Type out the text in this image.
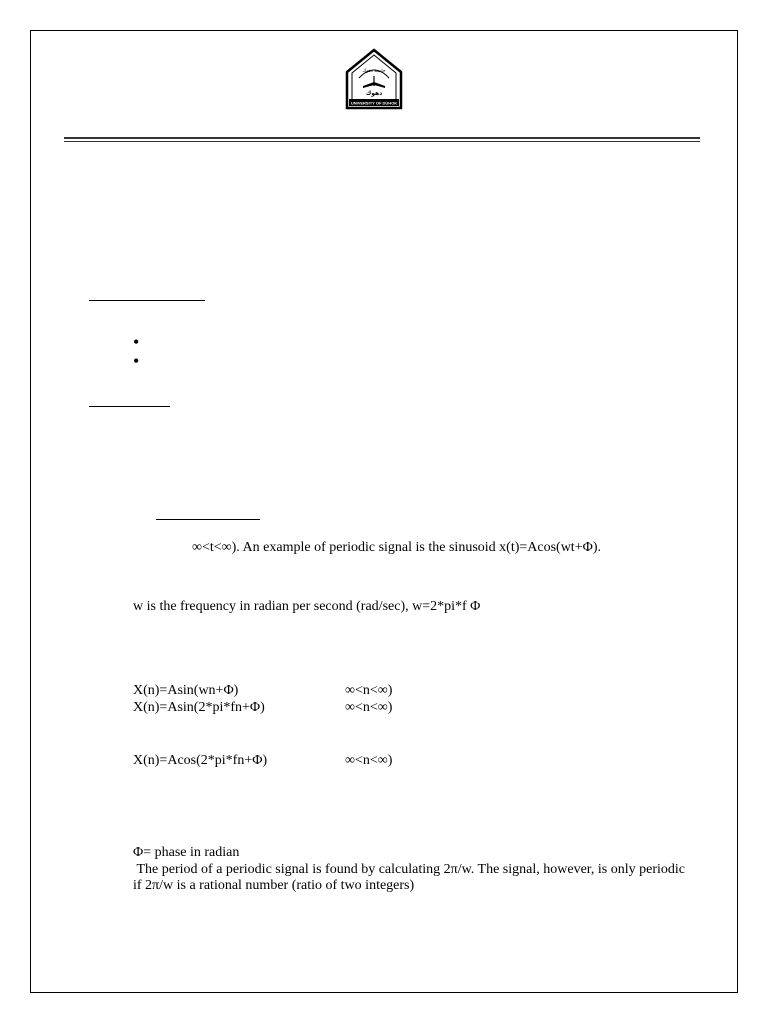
UNIVERSITY OF DUHOK
جامعة دهوك
دهوك
•
•
∞<t<∞). An example of periodic signal is the sinusoid x(t)=Acos(wt+Φ).
w is the frequency in radian per second (rad/sec), w=2*pi*f Φ
X(n)=Asin(wn+Φ)	∞<n<∞)
X(n)=Asin(2*pi*fn+Φ)	∞<n<∞)
X(n)=Acos(2*pi*fn+Φ)	∞<n<∞)
Φ= phase in radian
The period of a periodic signal is found by calculating 2π/w. The signal, however, is only periodic if 2π/w is a rational number (ratio of two integers)
